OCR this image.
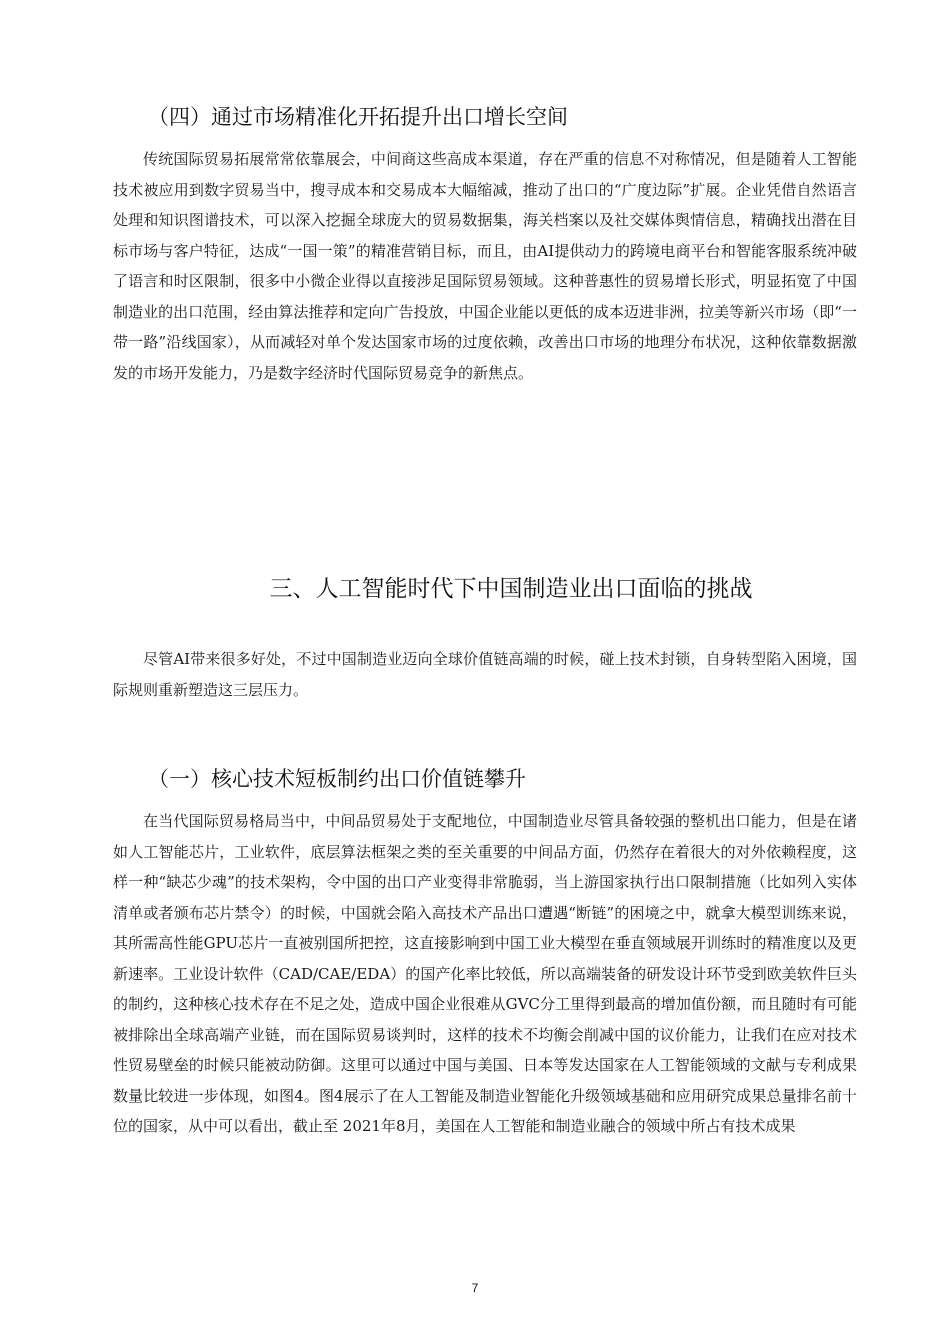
（四）通过市场精准化开拓提升出口增长空间

传统国际贸易拓展常常依靠展会，中间商这些高成本渠道，存在严重的信息不对称情况，但是随着人工智能技术被应用到数字贸易当中，搜寻成本和交易成本大幅缩减，推动了出口的“广度边际”扩展。企业凭借自然语言处理和知识图谱技术，可以深入挖掘全球庞大的贸易数据集，海关档案以及社交媒体舆情信息，精确找出潜在目标市场与客户特征，达成“一国一策”的精准营销目标，而且，由AI提供动力的跨境电商平台和智能客服系统冲破了语言和时区限制，很多中小微企业得以直接涉足国际贸易领域。这种普惠性的贸易增长形式，明显拓宽了中国制造业的出口范围，经由算法推荐和定向广告投放，中国企业能以更低的成本迈进非洲，拉美等新兴市场（即“一带一路”沿线国家），从而减轻对单个发达国家市场的过度依赖，改善出口市场的地理分布状况，这种依靠数据激发的市场开发能力，乃是数字经济时代国际贸易竞争的新焦点。

三、人工智能时代下中国制造业出口面临的挑战

尽管AI带来很多好处，不过中国制造业迈向全球价值链高端的时候，碰上技术封锁，自身转型陷入困境，国际规则重新塑造这三层压力。

（一）核心技术短板制约出口价值链攀升

在当代国际贸易格局当中，中间品贸易处于支配地位，中国制造业尽管具备较强的整机出口能力，但是在诸如人工智能芯片，工业软件，底层算法框架之类的至关重要的中间品方面，仍然存在着很大的对外依赖程度，这样一种“缺芯少魂”的技术架构，令中国的出口产业变得非常脆弱，当上游国家执行出口限制措施（比如列入实体清单或者颁布芯片禁令）的时候，中国就会陷入高技术产品出口遭遇“断链”的困境之中，就拿大模型训练来说，其所需高性能GPU芯片一直被别国所把控，这直接影响到中国工业大模型在垂直领域展开训练时的精准度以及更新速率。工业设计软件（CAD/CAE/EDA）的国产化率比较低，所以高端装备的研发设计环节受到欧美软件巨头的制约，这种核心技术存在不足之处，造成中国企业很难从GVC分工里得到最高的增加值份额，而且随时有可能被排除出全球高端产业链，而在国际贸易谈判时，这样的技术不均衡会削减中国的议价能力，让我们在应对技术性贸易壁垒的时候只能被动防御。这里可以通过中国与美国、日本等发达国家在人工智能领域的文献与专利成果数量比较进一步体现，如图4。图4展示了在人工智能及制造业智能化升级领域基础和应用研究成果总量排名前十位的国家，从中可以看出，截止至 2021年8月，美国在人工智能和制造业融合的领域中所占有技术成果

7
